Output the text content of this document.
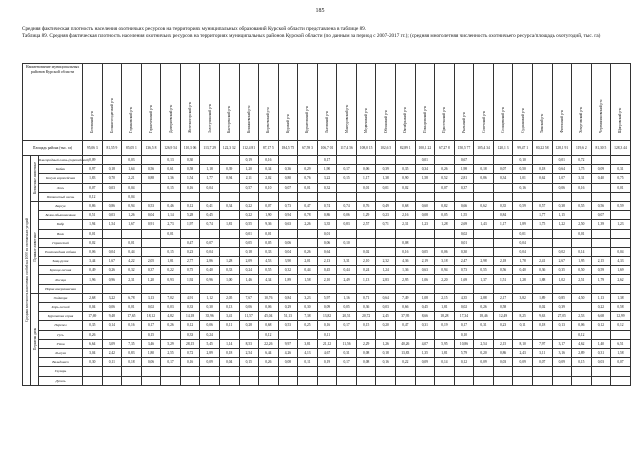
185
Средняя фактическая плотность населения охотничьих ресурсов на территориях муниципальных образований Курской области представлена в таблице 89.
Таблица 89. Средняя фактическая плотность населения охотничьих ресурсов на территориях муниципальных районов Курской области (по данным за период с 2007-2017 гг.); (средняя многолетняя численность охотничьего ресурса/площадь охотугодий, тыс. га)
Наименование муниципальных районов Курской области			Беловский р-н	Большесолдатский р-н	Глушковский р-н	Горшеченский р-н	Дмитриевский р-н	Железногорский р-н	Золотухинский р-н	Касторенский р-н	Конышевский р-н	Кореневский р-н	Курский р-н	Курчатовский р-н	Льговский р-н	Мантуровский р-н	Медвенский р-н	Обоянский р-н	Октябрьский р-н	Поныровский р-н	Пристенский р-н	Рыльский р-н	Советский р-н	Солнцевский р-н	Суджанский р-н	Тимский р-н	Фатежский р-н	Хомутовский р-н	Черемисиновский р-н	Щигровский р-н

Площадь района (тыс. га)			95,06 3	81,55 9	85,05 1	136,5 8	126,9 54	110,3 06	113,7 29	122,3 32	112,4 81	87,17 5	184,5 75	67,59 3	106,7 01	117,4 56	108,0 15	102,6 5	82,89 1	100,1 22	67,27 8	150,5 77	105,4 34	120,1 3	99,47 1	80,22 58	128,1 91	119,6 2	81,30 5	128,3 44

Средняя плотность населения особей на 1000 га охотничьих угодий	Копытные животные	Благородный олень (европейский)	0,09		0,03		0,13	0,30			0,19	0,16			0,17					0,01		0,67			0,10		0,01	0,72		
		Кабан	0,97	0,18	1,64	0,56	0,61	0,58	1,18	0,39	1,20	0,34	0,36	0,29	1,90	0,17	0,06	0,39	0,35	0,34	0,26	1,98	0,18	0,07	0,50	0,18	0,64	1,75	0,09	0,31
		Косуля европейская	1,83	0,70	2,21	0,88	1,36	1,54	1,77	0,94	2,11	2,02	0,80	0,76	3,22	0,15	1,17	1,38	0,90	1,58	0,52	2,81	0,86	0,34	1,01	0,62	1,07	3,31	0,40	0,75
		Лось	0,07	0,03	0,04		0,15	0,16	0,04		0,57	0,10	0,07	0,01	0,32		0,01	0,01	0,02		0,07	0,37			0,16		0,06	0,16		0,01
		Пятнистый олень	0,12		0,04																									

	Пушные животные	Барсук	0,86	0,86	0,94	0,53	0,46	0,12	0,41	0,34	0,22	0,07	0,73	0,47	0,74	0,74	0,76	0,49	0,68	0,60	0,82	0,66	0,62	0,35	0,59	0,57	0,38	0,55	0,56	0,59
		Белка обыкновенная	0,51	0,03	1,26	0,04	1,14	5,28	0,45		0,22	1,90	0,94	0,78	0,86	0,06	1,29	0,23	2,16	0,08	0,05	1,55		0,84		1,77	1,15		0,07	
		Бобр	1,94	1,54	1,67	0,91	2,73	1,97	0,74	1,81	0,55	9,36	0,63	2,26	3,35	0,83	2,57	0,71	2,31	1,23	1,28	2,69	1,43	1,17	1,89	1,75	1,22	2,50	1,39	1,23
		Волк	0,01				0,01				0,01	0,01			0,01							0,02			0,01			0,01		
		Горностай	0,02		0,01			0,47	0,07		0,05	0,05	0,06		0,06	0,10			0,08			0,01			0,04					
		Енотовидная собака	0,06	0,04	0,44		0,15	0,23	0,04		0,18	0,33	0,04	0,26	0,64		0,02		0,16	0,05	0,06	0,30			0,04		0,02	0,14		0,04
		Заяц-русак	3,44	1,67	4,22	2,05	1,81	2,77	2,86	1,28	2,09	4,53	3,90	2,01	2,13	3,31	2,10	2,32	4,36	2,19	3,18	2,47	2,98	2,18	1,78	2,41	2,67	1,95	2,15	4,33
		Куница лесная	0,49	0,26	0,32	0,37	0,22	0,75	0,40	0,33	0,24	0,55	0,32	0,44	0,45	0,44	0,24	1,24	1,36	0,63	0,94	0,73	0,55	0,56	0,40	0,36	0,35	0,50	0,59	1,69
		Лисица	1,96	0,96	2,31	1,20	0,93	1,92	0,96	1,00	1,46	4,34	1,89	1,58	2,10	2,49	1,13	2,83	2,95	1,06	2,20	1,69	1,37	1,51	1,28	1,88	1,02	2,51	1,79	2,62
		Норка американская																												

	Пернатая дичь	Ондатра	2,68	3,22	6,78	3,13	7,02	4,91	1,12	2,05	7,67	10,76	0,84	3,23	5,97	1,16	0,71	0,64	7,49	1,08	2,15	4,35	2,88	2,17	3,82	1,89	0,85	4,50	1,13	1,38
		Хорь лесной	0,04	0,06	0,01	0,02	0,03	0,33	0,30	0,13	0,06	0,06	0,29	0,30	0,09	0,05	0,36	0,03	0,66	0,45	1,81	0,02	0,26	0,58		0,02	0,39		0,22	0,58
		Куропатка серая	17,69	9,48	17,65	18,12	4,82	14,18	35,96	3,41	11,57	45,04	51,13	7,38	13,82	20,51	20,72	2,45	37,95	8,66	18,28	17,34	18,46	12,49	8,25	9,63	27,05	2,53	6,68	12,99
		Перепел	0,35	0,14	0,16	0,17	0,26	0,12	0,06	0,11	0,28	0,68	0,53	0,25	0,16	0,17	0,15	0,20	0,47	0,31	0,19	0,17	0,31	0,23	0,11	0,18	0,13	0,06	0,12	0,12
		Гусь	0,26			0,15		0,33	0,24			0,12			0,11							0,10						0,12		
		Утка	6,64	3,09	7,35	3,46	5,29	28,15	5,45	1,14	8,53	22,26	9,97	3,81	21,12	11,56	2,29	1,26	40,26	4,07	5,95	10,86	2,54	2,15	8,10	7,97	3,17	4,62	1,40	6,51
		Лысуха	3,04	2,42	0,83	1,80	2,55	0,72	2,89	0,18	2,54	6,44	4,26	4,13	4,67	0,31	0,08	0,18	13,83	1,35	1,81	5,79	0,20	0,86	2,43	3,11	3,16	2,89	0,31	1,58
		Вальдшнеп	0,30	0,11	0,18	0,06	0,17	0,16	0,09	0,04	0,15	0,26	0,08	0,11	0,19	0,17	0,08	0,16	0,22	0,09	0,14	0,12	0,09	0,03	0,09	0,07	0,09	0,15	0,03	0,07
		Глухарь																												
		Дупель																												
